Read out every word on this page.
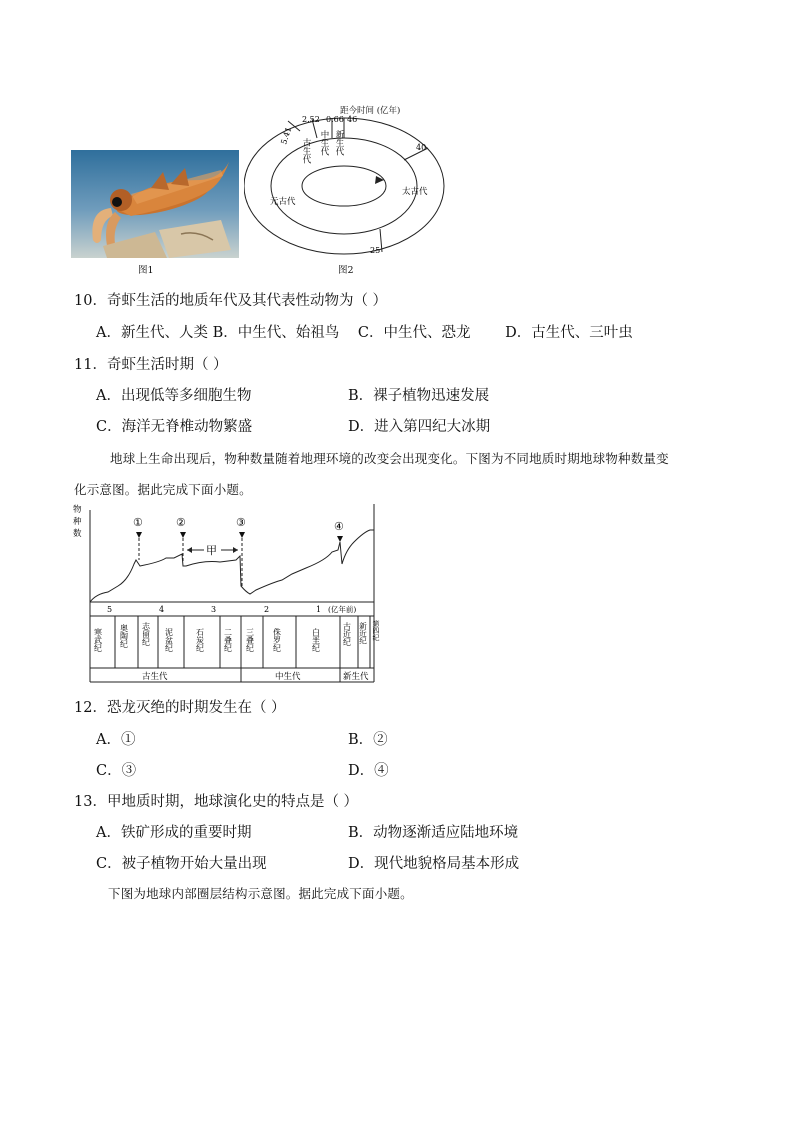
图1
5.41
2.52 0.66 46
40
25
古生代 中生代 新生代
元古代
太古代
距今时间 (亿年)
图2
10．奇虾生活的地质年代及其代表性动物为（ ）
A．新生代、人类 B．中生代、始祖鸟 C．中生代、恐龙 D．古生代、三叶虫
11．奇虾生活时期（ ）
A．出现低等多细胞生物	B．裸子植物迅速发展
C．海洋无脊椎动物繁盛	D．进入第四纪大冰期
地球上生命出现后，物种数量随着地理环境的改变会出现变化。下图为不同地质时期地球物种数量变
化示意图。据此完成下面小题。
物
种
数
①	②	③	④
甲
5	4	3	2	1 (亿年前)
寒武纪 奥陶纪 志留纪 泥盆纪	石炭纪 二叠纪 三叠纪 侏罗纪	白垩纪	古近纪 新近纪 第四纪
古生代	中生代	新生代
12．恐龙灭绝的时期发生在（ ）
A．①	B．②
C．③	D．④
13．甲地质时期，地球演化史的特点是（ ）
A．铁矿形成的重要时期	B．动物逐渐适应陆地环境
C．被子植物开始大量出现	D．现代地貌格局基本形成
下图为地球内部圈层结构示意图。据此完成下面小题。
